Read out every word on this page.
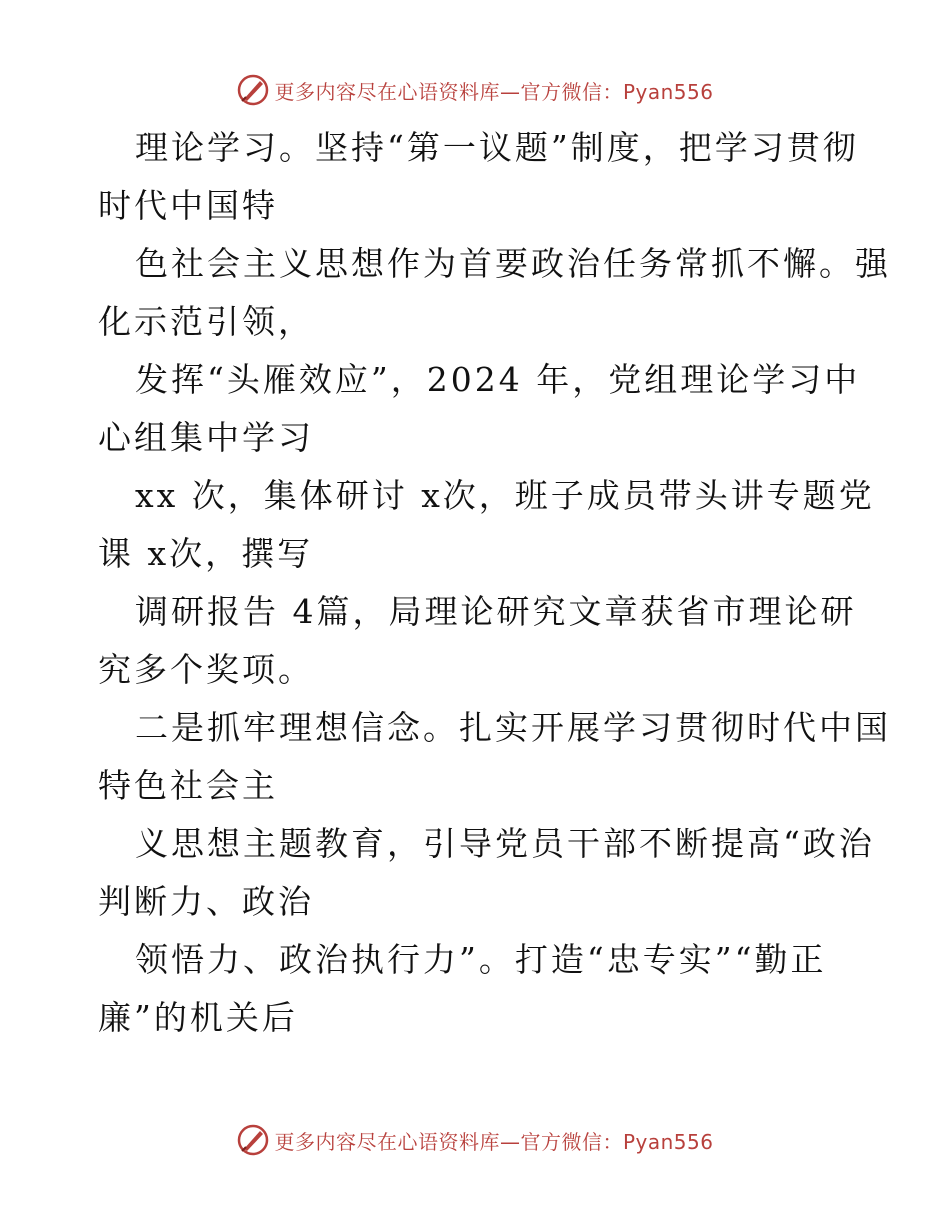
更多内容尽在心语资料库—官方微信：Pyan556
理论学习。坚持“第一议题”制度，把学习贯彻
时代中国特
色社会主义思想作为首要政治任务常抓不懈。强
化示范引领，
发挥“头雁效应”，2024 年，党组理论学习中
心组集中学习
xx 次，集体研讨 x次，班子成员带头讲专题党
课 x次，撰写
调研报告 4篇，局理论研究文章获省市理论研
究多个奖项。
二是抓牢理想信念。扎实开展学习贯彻时代中国
特色社会主
义思想主题教育，引导党员干部不断提高“政治
判断力、政治
领悟力、政治执行力”。打造“忠专实”“勤正
廉”的机关后
更多内容尽在心语资料库—官方微信：Pyan556
